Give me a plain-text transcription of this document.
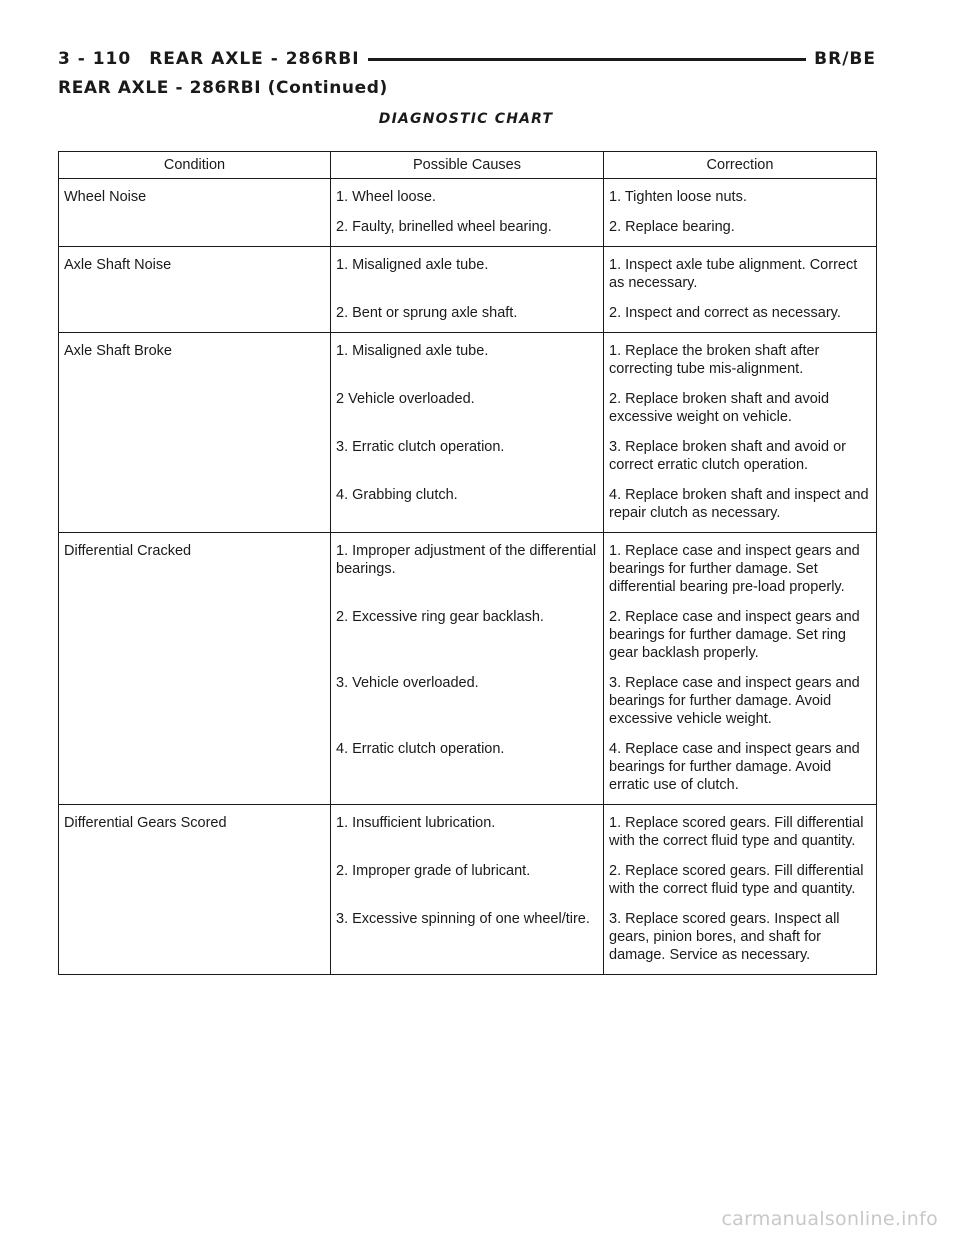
3 - 110 REAR AXLE - 286RBI	BR/BE
REAR AXLE - 286RBI (Continued)
DIAGNOSTIC CHART
Condition	Possible Causes	Correction
Wheel Noise	1. Wheel loose.	1. Tighten loose nuts.
	2. Faulty, brinelled wheel bearing.	2. Replace bearing.
Axle Shaft Noise	1. Misaligned axle tube.	1. Inspect axle tube alignment. Correct as necessary.
	2. Bent or sprung axle shaft.	2. Inspect and correct as necessary.
Axle Shaft Broke	1. Misaligned axle tube.	1. Replace the broken shaft after correcting tube mis-alignment.
	2 Vehicle overloaded.	2. Replace broken shaft and avoid excessive weight on vehicle.
	3. Erratic clutch operation.	3. Replace broken shaft and avoid or correct erratic clutch operation.
	4. Grabbing clutch.	4. Replace broken shaft and inspect and repair clutch as necessary.
Differential Cracked	1. Improper adjustment of the differential bearings.	1. Replace case and inspect gears and bearings for further damage. Set differential bearing pre-load properly.
	2. Excessive ring gear backlash.	2. Replace case and inspect gears and bearings for further damage. Set ring gear backlash properly.
	3. Vehicle overloaded.	3. Replace case and inspect gears and bearings for further damage. Avoid excessive vehicle weight.
	4. Erratic clutch operation.	4. Replace case and inspect gears and bearings for further damage. Avoid erratic use of clutch.
Differential Gears Scored	1. Insufficient lubrication.	1. Replace scored gears. Fill differential with the correct fluid type and quantity.
	2. Improper grade of lubricant.	2. Replace scored gears. Fill differential with the correct fluid type and quantity.
	3. Excessive spinning of one wheel/tire.	3. Replace scored gears. Inspect all gears, pinion bores, and shaft for damage. Service as necessary.
carmanualsonline.info
